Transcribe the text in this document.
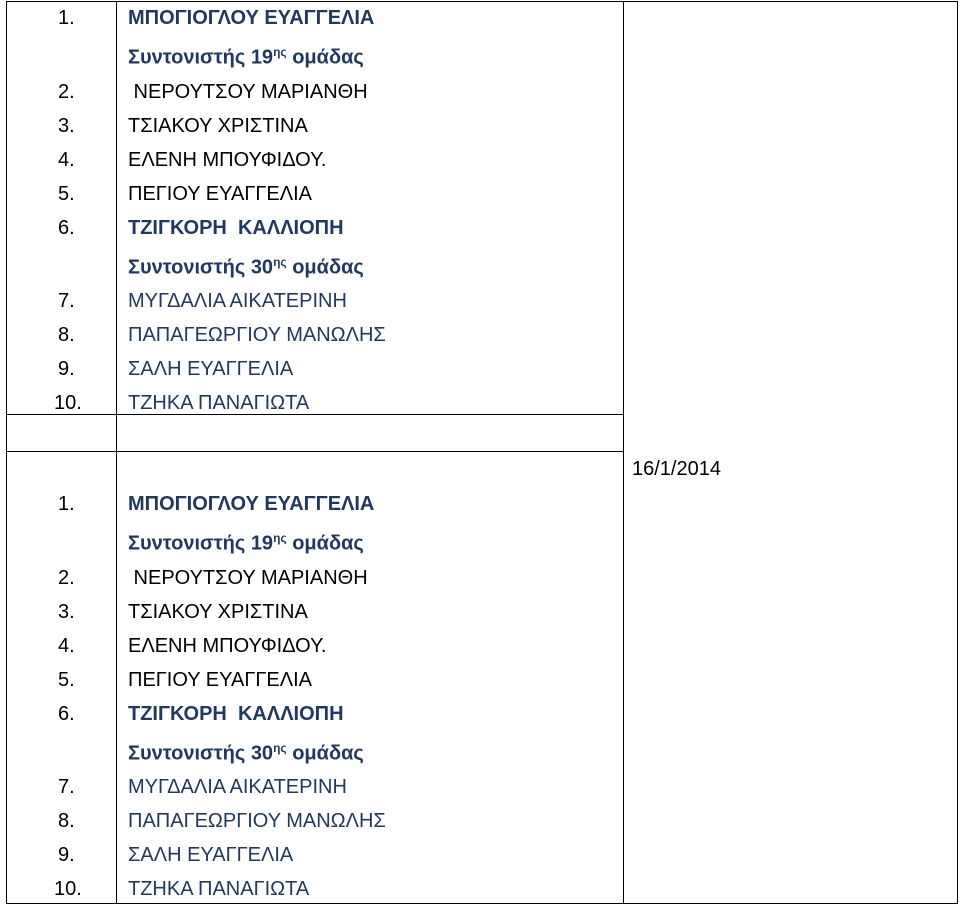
1.	ΜΠΟΓΙΟΓΛΟΥ ΕΥΑΓΓΕΛΙΑ
Συντονιστής $19^{\eta\varsigma}$ ομάδας
2.	ΝΕΡΟΥΤΣΟΥ ΜΑΡΙΑΝΘΗ
3.	ΤΣΙΑΚΟΥ ΧΡΙΣΤΙΝΑ
4.	ΕΛΕΝΗ ΜΠΟΥΦΙΔΟΥ.
5.	ΠΕΓΙΟΥ ΕΥΑΓΓΕΛΙΑ
6.	ΤΖΙΓΚΟΡΗ  ΚΑΛΛΙΟΠΗ
Συντονιστής $30^{\eta\varsigma}$ ομάδας
7.	ΜΥΓΔΑΛΙΑ ΑΙΚΑΤΕΡΙΝΗ
8.	ΠΑΠΑΓΕΩΡΓΙΟΥ ΜΑΝΩΛΗΣ
9.	ΣΑΛΗ ΕΥΑΓΓΕΛΙΑ
10.	ΤΖΗΚΑ ΠΑΝΑΓΙΩΤΑ
1.	ΜΠΟΓΙΟΓΛΟΥ ΕΥΑΓΓΕΛΙΑ
Συντονιστής $19^{\eta\varsigma}$ ομάδας
2.	ΝΕΡΟΥΤΣΟΥ ΜΑΡΙΑΝΘΗ
3.	ΤΣΙΑΚΟΥ ΧΡΙΣΤΙΝΑ
4.	ΕΛΕΝΗ ΜΠΟΥΦΙΔΟΥ.
5.	ΠΕΓΙΟΥ ΕΥΑΓΓΕΛΙΑ
6.	ΤΖΙΓΚΟΡΗ  ΚΑΛΛΙΟΠΗ
Συντονιστής $30^{\eta\varsigma}$ ομάδας
7.	ΜΥΓΔΑΛΙΑ ΑΙΚΑΤΕΡΙΝΗ
8.	ΠΑΠΑΓΕΩΡΓΙΟΥ ΜΑΝΩΛΗΣ
9.	ΣΑΛΗ ΕΥΑΓΓΕΛΙΑ
10.	ΤΖΗΚΑ ΠΑΝΑΓΙΩΤΑ
16/1/2014
